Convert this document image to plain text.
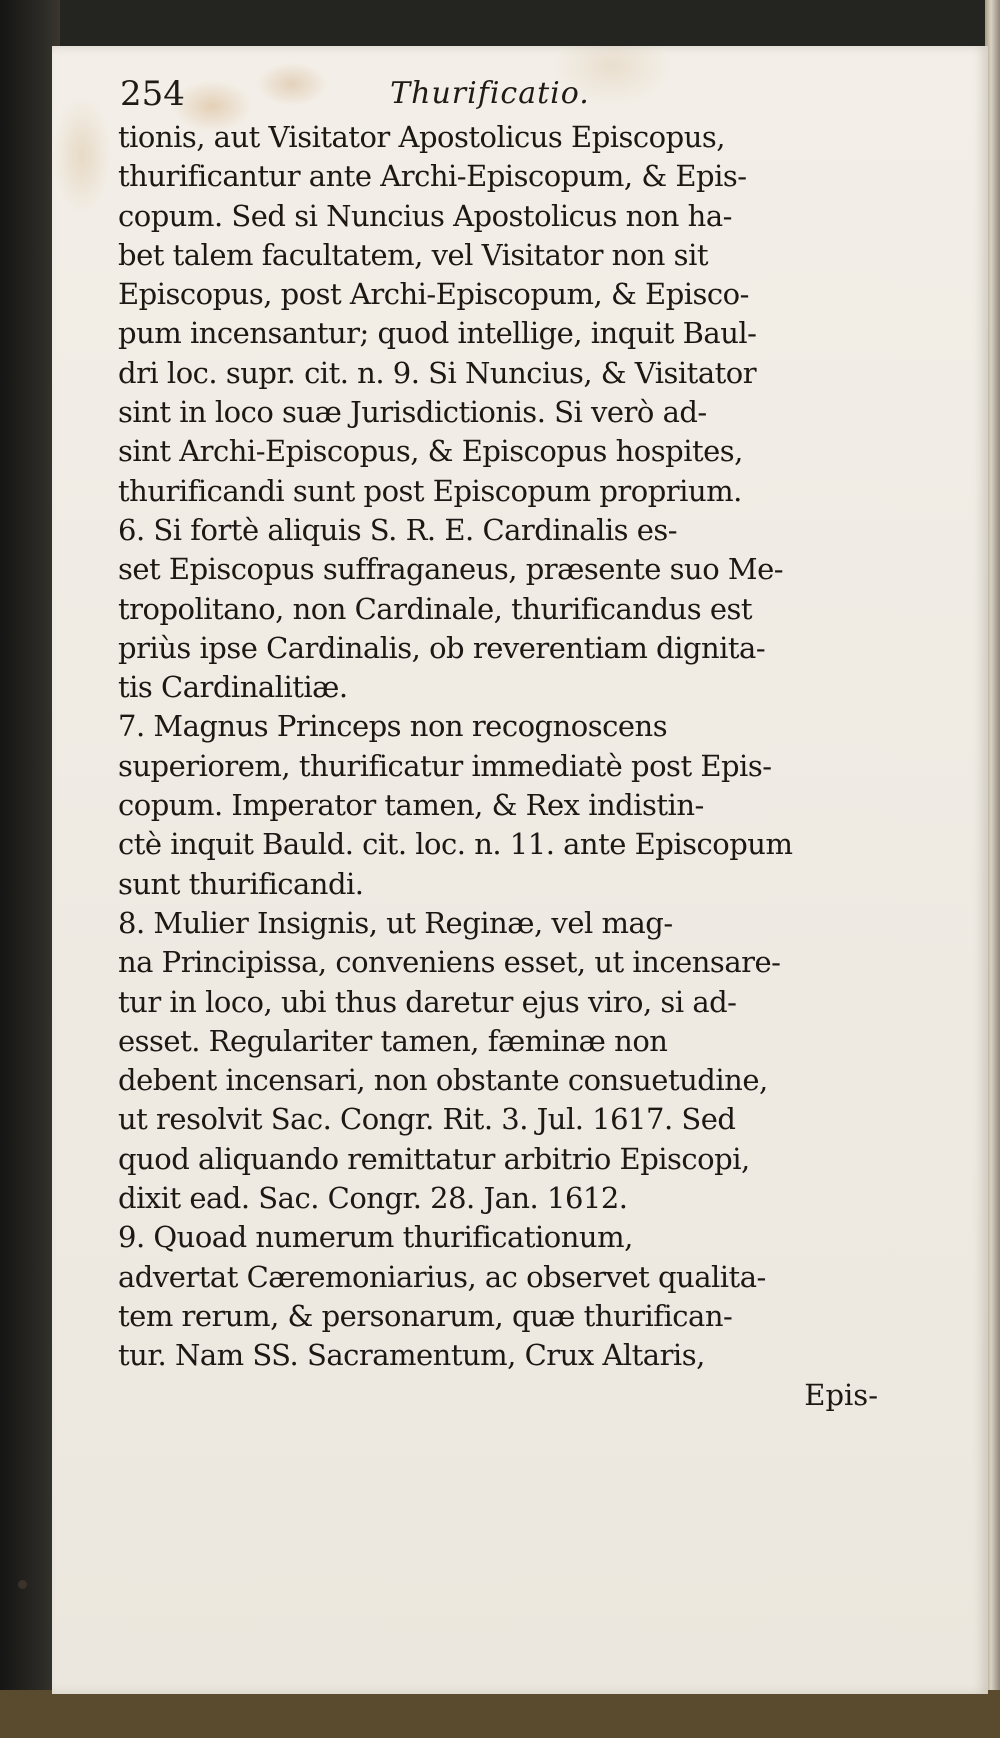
254	Thurificatio.
tionis, aut Visitator Apostolicus Episcopus,
thurificantur ante Archi-Episcopum, & Epis-
copum. Sed si Nuncius Apostolicus non ha-
bet talem facultatem, vel Visitator non sit
Episcopus, post Archi-Episcopum, & Episco-
pum incensantur; quod intellige, inquit Baul-
dri loc. supr. cit. n. 9. Si Nuncius, & Visitator
sint in loco suæ Jurisdictionis. Si verò ad-
sint Archi-Episcopus, & Episcopus hospites,
thurificandi sunt post Episcopum proprium.
6. Si fortè aliquis S. R. E. Cardinalis es-
set Episcopus suffraganeus, præsente suo Me-
tropolitano, non Cardinale, thurificandus est
priùs ipse Cardinalis, ob reverentiam dignita-
tis Cardinalitiæ.
7. Magnus Princeps non recognoscens
superiorem, thurificatur immediatè post Epis-
copum. Imperator tamen, & Rex indistin-
ctè inquit Bauld. cit. loc. n. 11. ante Episcopum
sunt thurificandi.
8. Mulier Insignis, ut Reginæ, vel mag-
na Principissa, conveniens esset, ut incensare-
tur in loco, ubi thus daretur ejus viro, si ad-
esset. Regulariter tamen, fæminæ non
debent incensari, non obstante consuetudine,
ut resolvit Sac. Congr. Rit. 3. Jul. 1617. Sed
quod aliquando remittatur arbitrio Episcopi,
dixit ead. Sac. Congr. 28. Jan. 1612.
9. Quoad numerum thurificationum,
advertat Cæremoniarius, ac observet qualita-
tem rerum, & personarum, quæ thurifican-
tur. Nam SS. Sacramentum, Crux Altaris,
Epis-
